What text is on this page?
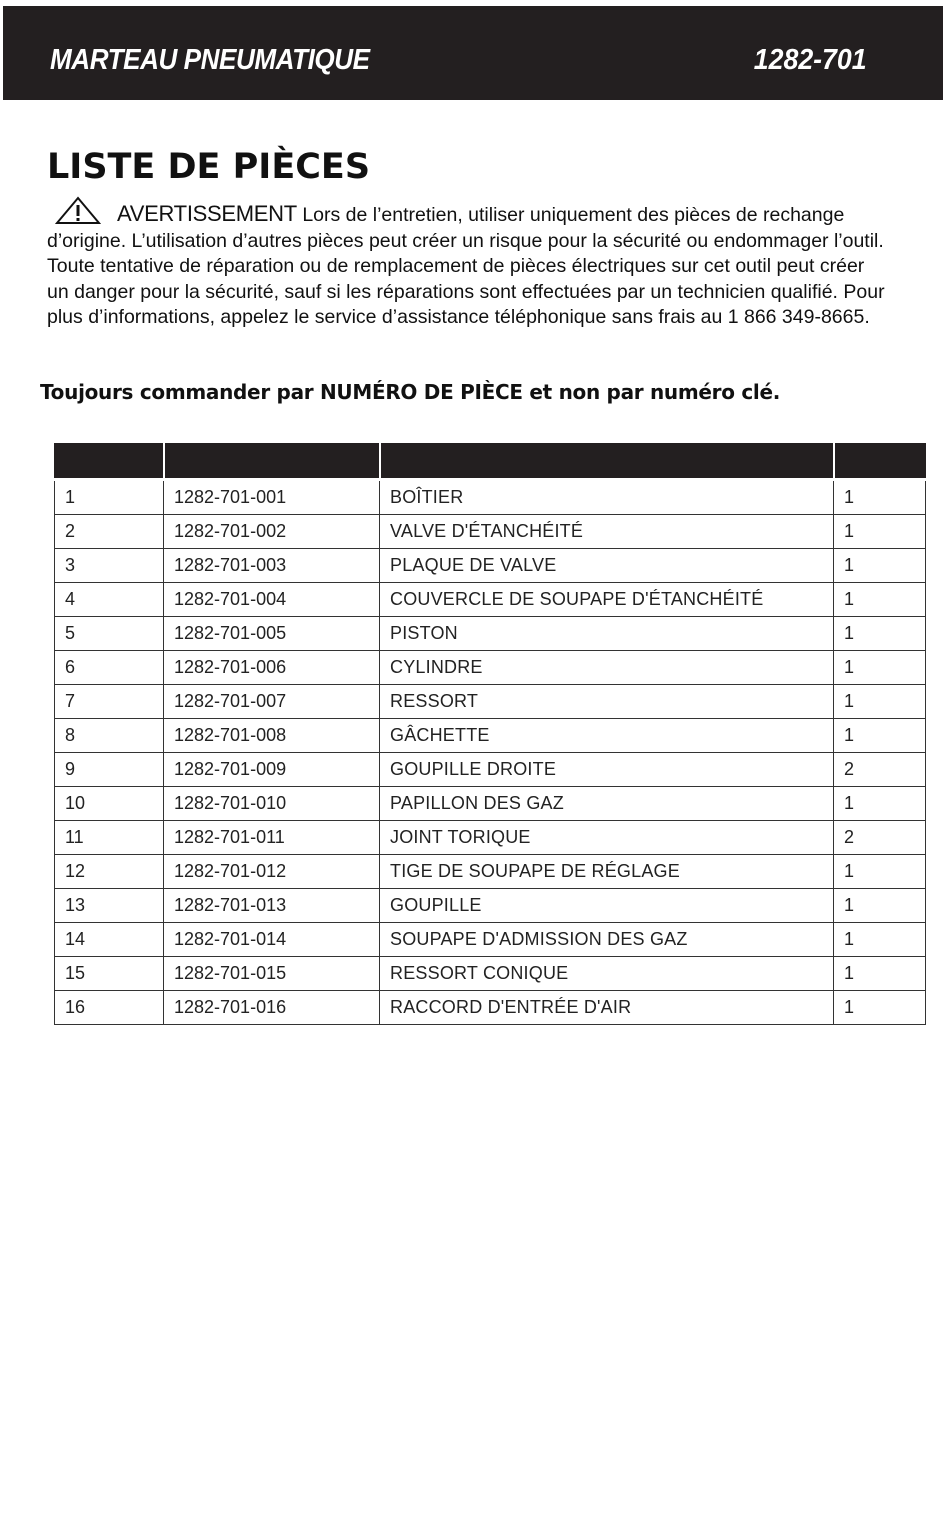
MARTEAU PNEUMATIQUE	1282-701
LISTE DE PIÈCES

AVERTISSEMENT Lors de l’entretien, utiliser uniquement des pièces de rechange d’origine. L’utilisation d’autres pièces peut créer un risque pour la sécurité ou endommager l’outil.

Toute tentative de réparation ou de remplacement de pièces électriques sur cet outil peut créer un danger pour la sécurité, sauf si les réparations sont effectuées par un technicien qualifié. Pour plus d’informations, appelez le service d’assistance téléphonique sans frais au 1 866 349-8665.

Toujours commander par NUMÉRO DE PIÈCE et non par numéro clé.

1	1282-701-001	BOÎTIER	1
2	1282-701-002	VALVE D'ÉTANCHÉITÉ	1
3	1282-701-003	PLAQUE DE VALVE	1
4	1282-701-004	COUVERCLE DE SOUPAPE D'ÉTANCHÉITÉ	1
5	1282-701-005	PISTON	1
6	1282-701-006	CYLINDRE	1
7	1282-701-007	RESSORT	1
8	1282-701-008	GÂCHETTE	1
9	1282-701-009	GOUPILLE DROITE	2
10	1282-701-010	PAPILLON DES GAZ	1
11	1282-701-011	JOINT TORIQUE	2
12	1282-701-012	TIGE DE SOUPAPE DE RÉGLAGE	1
13	1282-701-013	GOUPILLE	1
14	1282-701-014	SOUPAPE D'ADMISSION DES GAZ	1
15	1282-701-015	RESSORT CONIQUE	1
16	1282-701-016	RACCORD D'ENTRÉE D'AIR	1
